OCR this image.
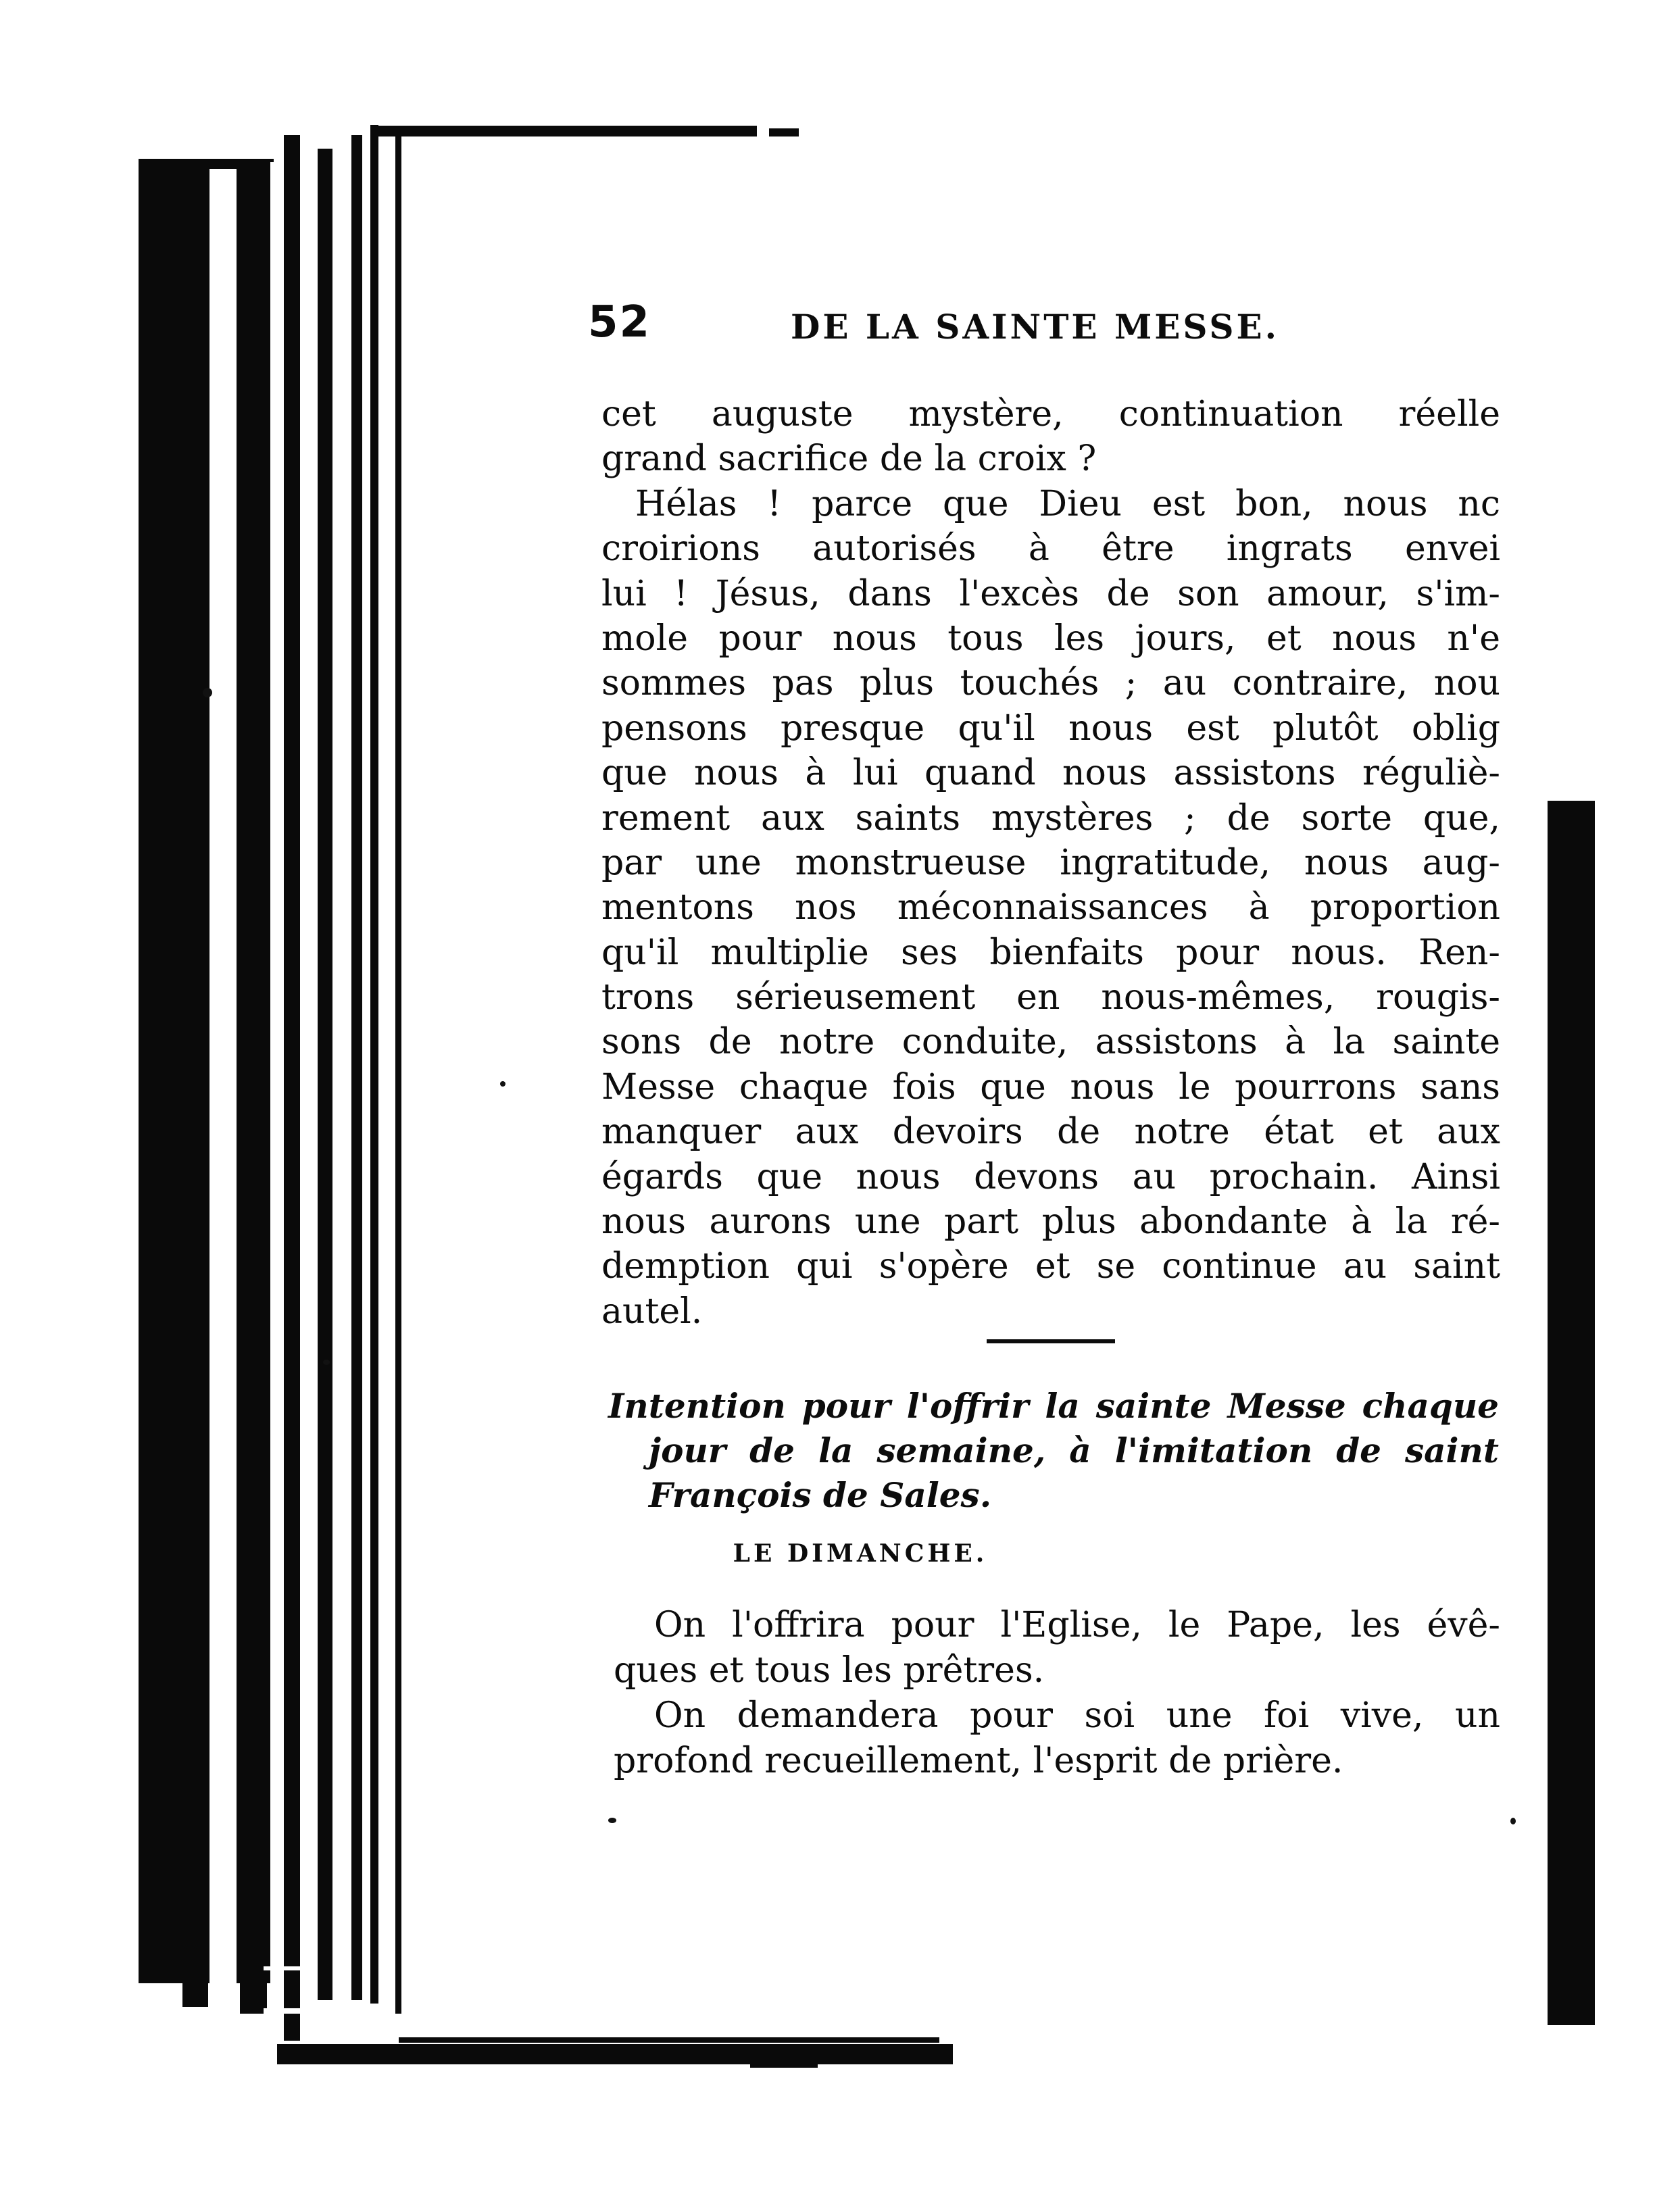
52	DE LA SAINTE MESSE.
cet auguste mystère, continuation réelle
grand sacrifice de la croix ?
Hélas ! parce que Dieu est bon, nous nc
croirions autorisés à être ingrats envei
lui ! Jésus, dans l'excès de son amour, s'im-
mole pour nous tous les jours, et nous n'e
sommes pas plus touchés ; au contraire, nou
pensons presque qu'il nous est plutôt oblig
que nous à lui quand nous assistons réguliè-
rement aux saints mystères ; de sorte que,
par une monstrueuse ingratitude, nous aug-
mentons nos méconnaissances à proportion
qu'il multiplie ses bienfaits pour nous. Ren-
trons sérieusement en nous-mêmes, rougis-
sons de notre conduite, assistons à la sainte
Messe chaque fois que nous le pourrons sans
manquer aux devoirs de notre état et aux
égards que nous devons au prochain. Ainsi
nous aurons une part plus abondante à la ré-
demption qui s'opère et se continue au saint
autel.
Intention pour l'offrir la sainte Messe chaque
jour de la semaine, à l'imitation de saint
François de Sales.
LE DIMANCHE.
On l'offrira pour l'Eglise, le Pape, les évê-
ques et tous les prêtres.
On demandera pour soi une foi vive, un
profond recueillement, l'esprit de prière.
